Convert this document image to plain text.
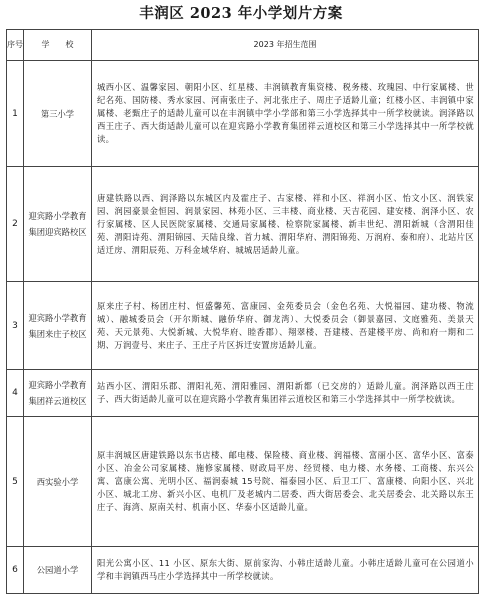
丰润区 2023 年小学划片方案
序号	学　　校	2023 年招生范围
1	第三小学	城西小区、温馨家园、朝阳小区、红星楼、丰润镇教育集资楼、税务楼、玫瑰园、中行家属楼、世纪名苑、国防楼、秀水家园、河南张庄子、河北张庄子、周庄子适龄儿童；红楼小区、丰润镇中家属楼、老甄庄子的适龄儿童可以在丰润镇中学小学部和第三小学选择其中一所学校就读。润泽路以西王庄子、西大街适龄儿童可以在迎宾路小学教育集团祥云道校区和第三小学选择其中一所学校就读。
2	迎宾路小学教育集团迎宾路校区	唐建铁路以西、润泽路以东城区内及霍庄子、古家楼、祥和小区、祥润小区、怡文小区、润铁家园、润园豪景金恒园、润景家园、林苑小区、三丰楼、商业楼、天吉花园、建安楼、润泽小区、农行家属楼、区人民医院家属楼、交通局家属楼、检察院家属楼、新丰世纪、渭阳新城（含渭阳佳苑、渭阳诗苑、渭阳锦园、天陆良缘、首力城、渭阳华府、渭阳锦苑、万润府、泰和府）、北站片区适迁房、渭阳辰苑、万科金域华府、城城居适龄儿童。
3	迎宾路小学教育集团来庄子校区	原来庄子村、杨团庄村、恒盛馨苑、富康园、金苑委员会（金色名苑、大悦福园、建功楼、物流城）、融城委员会（开尔斯城、融侨华府、御龙湾）、大悦委员会（御景嘉园、文庭雅苑、美景天苑、天元景苑、大悦新城、大悦华府、睦香郡）、翔翠楼、吾建楼、吾建楼平房、尚和府一期和二期、万润壹号、来庄子、王庄子片区拆迁安置房适龄儿童。
4	迎宾路小学教育集团祥云道校区	站西小区、渭阳乐郡、渭阳礼苑、渭阳雅园、渭阳新都（已交房的）适龄儿童。润泽路以西王庄子、西大街适龄儿童可以在迎宾路小学教育集团祥云道校区和第三小学选择其中一所学校就读。
5	西实验小学	原丰润城区唐建铁路以东书店楼、邮电楼、保险楼、商业楼、润福楼、富丽小区、富华小区、富泰小区、冶金公司家属楼、施修家属楼、财政局平房、经贸楼、电力楼、水务楼、工商楼、东兴公寓、富康公寓、光明小区、福润泰城 15号院、福泰园小区、后卫工厂、富康楼、向阳小区、兴北小区、城北工房、新兴小区、电机厂及老城内二居委、西大街居委会、北关居委会、北关路以东王庄子、海湾、原南关村、机南小区、华泰小区适龄儿童。
6	公园道小学	阳光公寓小区、11 小区、原东大街、原前家沟、小韩庄适龄儿童。小韩庄适龄儿童可在公园道小学和丰润镇西马庄小学选择其中一所学校就读。
